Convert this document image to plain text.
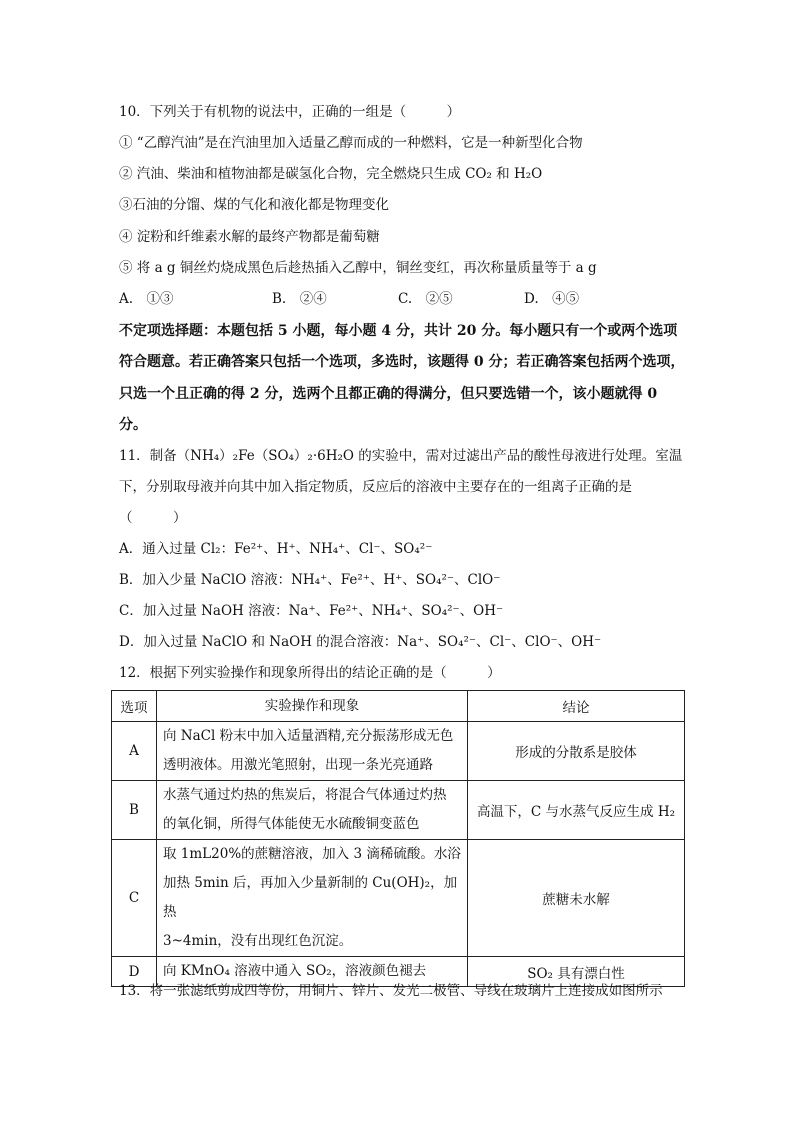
10．下列关于有机物的说法中，正确的一组是（　　　）
① “乙醇汽油”是在汽油里加入适量乙醇而成的一种燃料，它是一种新型化合物
② 汽油、柴油和植物油都是碳氢化合物，完全燃烧只生成 CO₂ 和 H₂O
③石油的分馏、煤的气化和液化都是物理变化
④ 淀粉和纤维素水解的最终产物都是葡萄糖
⑤ 将 a g 铜丝灼烧成黑色后趁热插入乙醇中，铜丝变红，再次称量质量等于 a g
A.　①③	B.　②④	C.　②⑤	D.　④⑤
不定项选择题：本题包括 5 小题，每小题 4 分，共计 20 分。每小题只有一个或两个选项
符合题意。若正确答案只包括一个选项，多选时，该题得 0 分；若正确答案包括两个选项，
只选一个且正确的得 2 分，选两个且都正确的得满分，但只要选错一个，该小题就得 0
分。
11．制备（NH₄）₂Fe（SO₄）₂·6H₂O 的实验中，需对过滤出产品的酸性母液进行处理。室温
下，分别取母液并向其中加入指定物质，反应后的溶液中主要存在的一组离子正确的是
（　　　）
A．通入过量 Cl₂：Fe²⁺、H⁺、NH₄⁺、Cl⁻、SO₄²⁻
B．加入少量 NaClO 溶液：NH₄⁺、Fe²⁺、H⁺、SO₄²⁻、ClO⁻
C．加入过量 NaOH 溶液：Na⁺、Fe²⁺、NH₄⁺、SO₄²⁻、OH⁻
D．加入过量 NaClO 和 NaOH 的混合溶液：Na⁺、SO₄²⁻、Cl⁻、ClO⁻、OH⁻
12．根据下列实验操作和现象所得出的结论正确的是（　　　）
选项	实验操作和现象	结论
A	向 NaCl 粉末中加入适量酒精,充分振荡形成无色
透明液体。用激光笔照射，出现一条光亮通路	形成的分散系是胶体
B	水蒸气通过灼热的焦炭后，将混合气体通过灼热
的氧化铜，所得气体能使无水硫酸铜变蓝色	高温下，C 与水蒸气反应生成 H₂
C	取 1mL20%的蔗糖溶液，加入 3 滴稀硫酸。水浴
加热 5min 后，再加入少量新制的 Cu(OH)₂，加热
3~4min，没有出现红色沉淀。	蔗糖未水解
D	向 KMnO₄ 溶液中通入 SO₂，溶液颜色褪去	SO₂ 具有漂白性
13．将一张滤纸剪成四等份，用铜片、锌片、发光二极管、导线在玻璃片上连接成如图所示
